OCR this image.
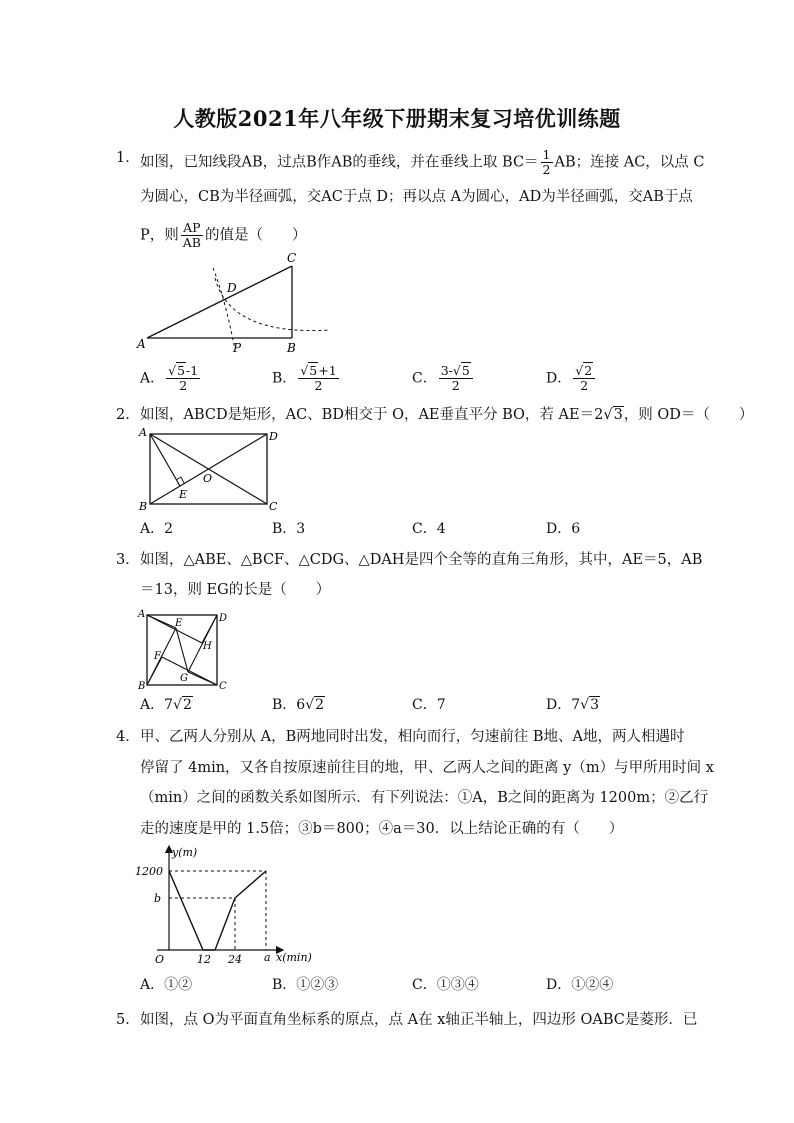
人教版2021年八年级下册期末复习培优训练题
1． 如图，已知线段AB，过点B作AB的垂线，并在垂线上取 $BC= \frac{1}{2}$ AB；连接 AC，以点 C
为圆心，CB为半径画弧，交AC于点 D；再以点 A为圆心，AD为半径画弧，交AB于点
P，则 $\frac{AP}{AB}$ 的值是（　　）
A	B
C
D
P
A． $\frac{√5-1}{2}$	B． $\frac{√5+1}{2}$	C． $\frac{3-√5}{2}$	D． $\frac{√2}{2}$
2. 如图，ABCD是矩形，AC、BD相交于 O，AE垂直平分 BO，若 AE＝2√3，则 OD＝（　　）
A
B	C
D
O
E
A．2	B．3	C．4	D．6
3． 如图，△ABE、△BCF、△CDG、△DAH是四个全等的直角三角形，其中，AE＝5，AB
＝13，则 EG的长是（　　）
A
B	C
D
E
F
G
H
A．7√2	B．6√2	C．7	D．7√3
4． 甲、乙两人分别从 A，B两地同时出发，相向而行，匀速前往 B地、A地，两人相遇时
停留了 4min，又各自按原速前往目的地，甲、乙两人之间的距离 y（m）与甲所用时间 x
（min）之间的函数关系如图所示．有下列说法：①A，B之间的距离为 1200m；②乙行
走的速度是甲的 1.5倍；③b＝800；④a＝30．以上结论正确的有（　　）
y(m)
x(min)
O
1200
b
12 24 a
A．①②	B．①②③	C．①③④	D．①②④
5． 如图，点 O为平面直角坐标系的原点，点 A在 x轴正半轴上，四边形 OABC是菱形．已
